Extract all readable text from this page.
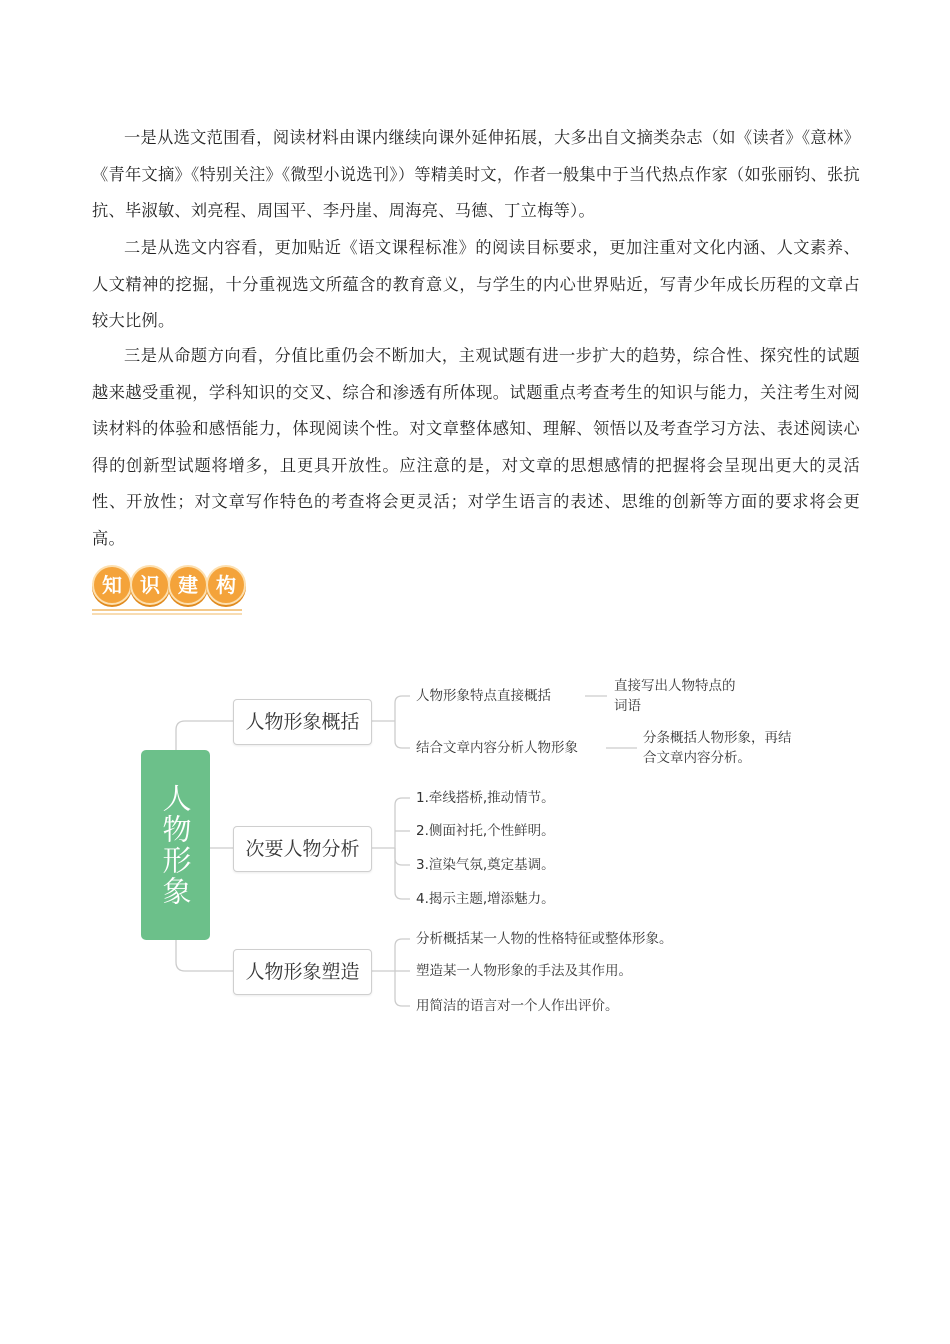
一是从选文范围看，阅读材料由课内继续向课外延伸拓展，大多出自文摘类杂志（如《读者》《意林》《青年文摘》《特别关注》《微型小说选刊》）等精美时文，作者一般集中于当代热点作家（如张丽钧、张抗抗、毕淑敏、刘亮程、周国平、李丹崖、周海亮、马德、丁立梅等）。

二是从选文内容看，更加贴近《语文课程标准》的阅读目标要求，更加注重对文化内涵、人文素养、人文精神的挖掘，十分重视选文所蕴含的教育意义，与学生的内心世界贴近，写青少年成长历程的文章占较大比例。

三是从命题方向看，分值比重仍会不断加大，主观试题有进一步扩大的趋势，综合性、探究性的试题越来越受重视，学科知识的交叉、综合和渗透有所体现。试题重点考查考生的知识与能力，关注考生对阅读材料的体验和感悟能力，体现阅读个性。对文章整体感知、理解、领悟以及考查学习方法、表述阅读心得的创新型试题将增多，且更具开放性。应注意的是，对文章的思想感情的把握将会呈现出更大的灵活性、开放性；对文章写作特色的考查将会更灵活；对学生语言的表述、思维的创新等方面的要求将会更高。

知 识 建 构
人物形象
人物形象概括
次要人物分析
人物形象塑造
人物形象特点直接概括
结合文章内容分析人物形象
直接写出人物特点的词语
分条概括人物形象，再结合文章内容分析。
1.牵线搭桥,推动情节。
2.侧面衬托,个性鲜明。
3.渲染气氛,奠定基调。
4.揭示主题,增添魅力。
分析概括某一人物的性格特征或整体形象。
塑造某一人物形象的手法及其作用。
用简洁的语言对一个人作出评价。
